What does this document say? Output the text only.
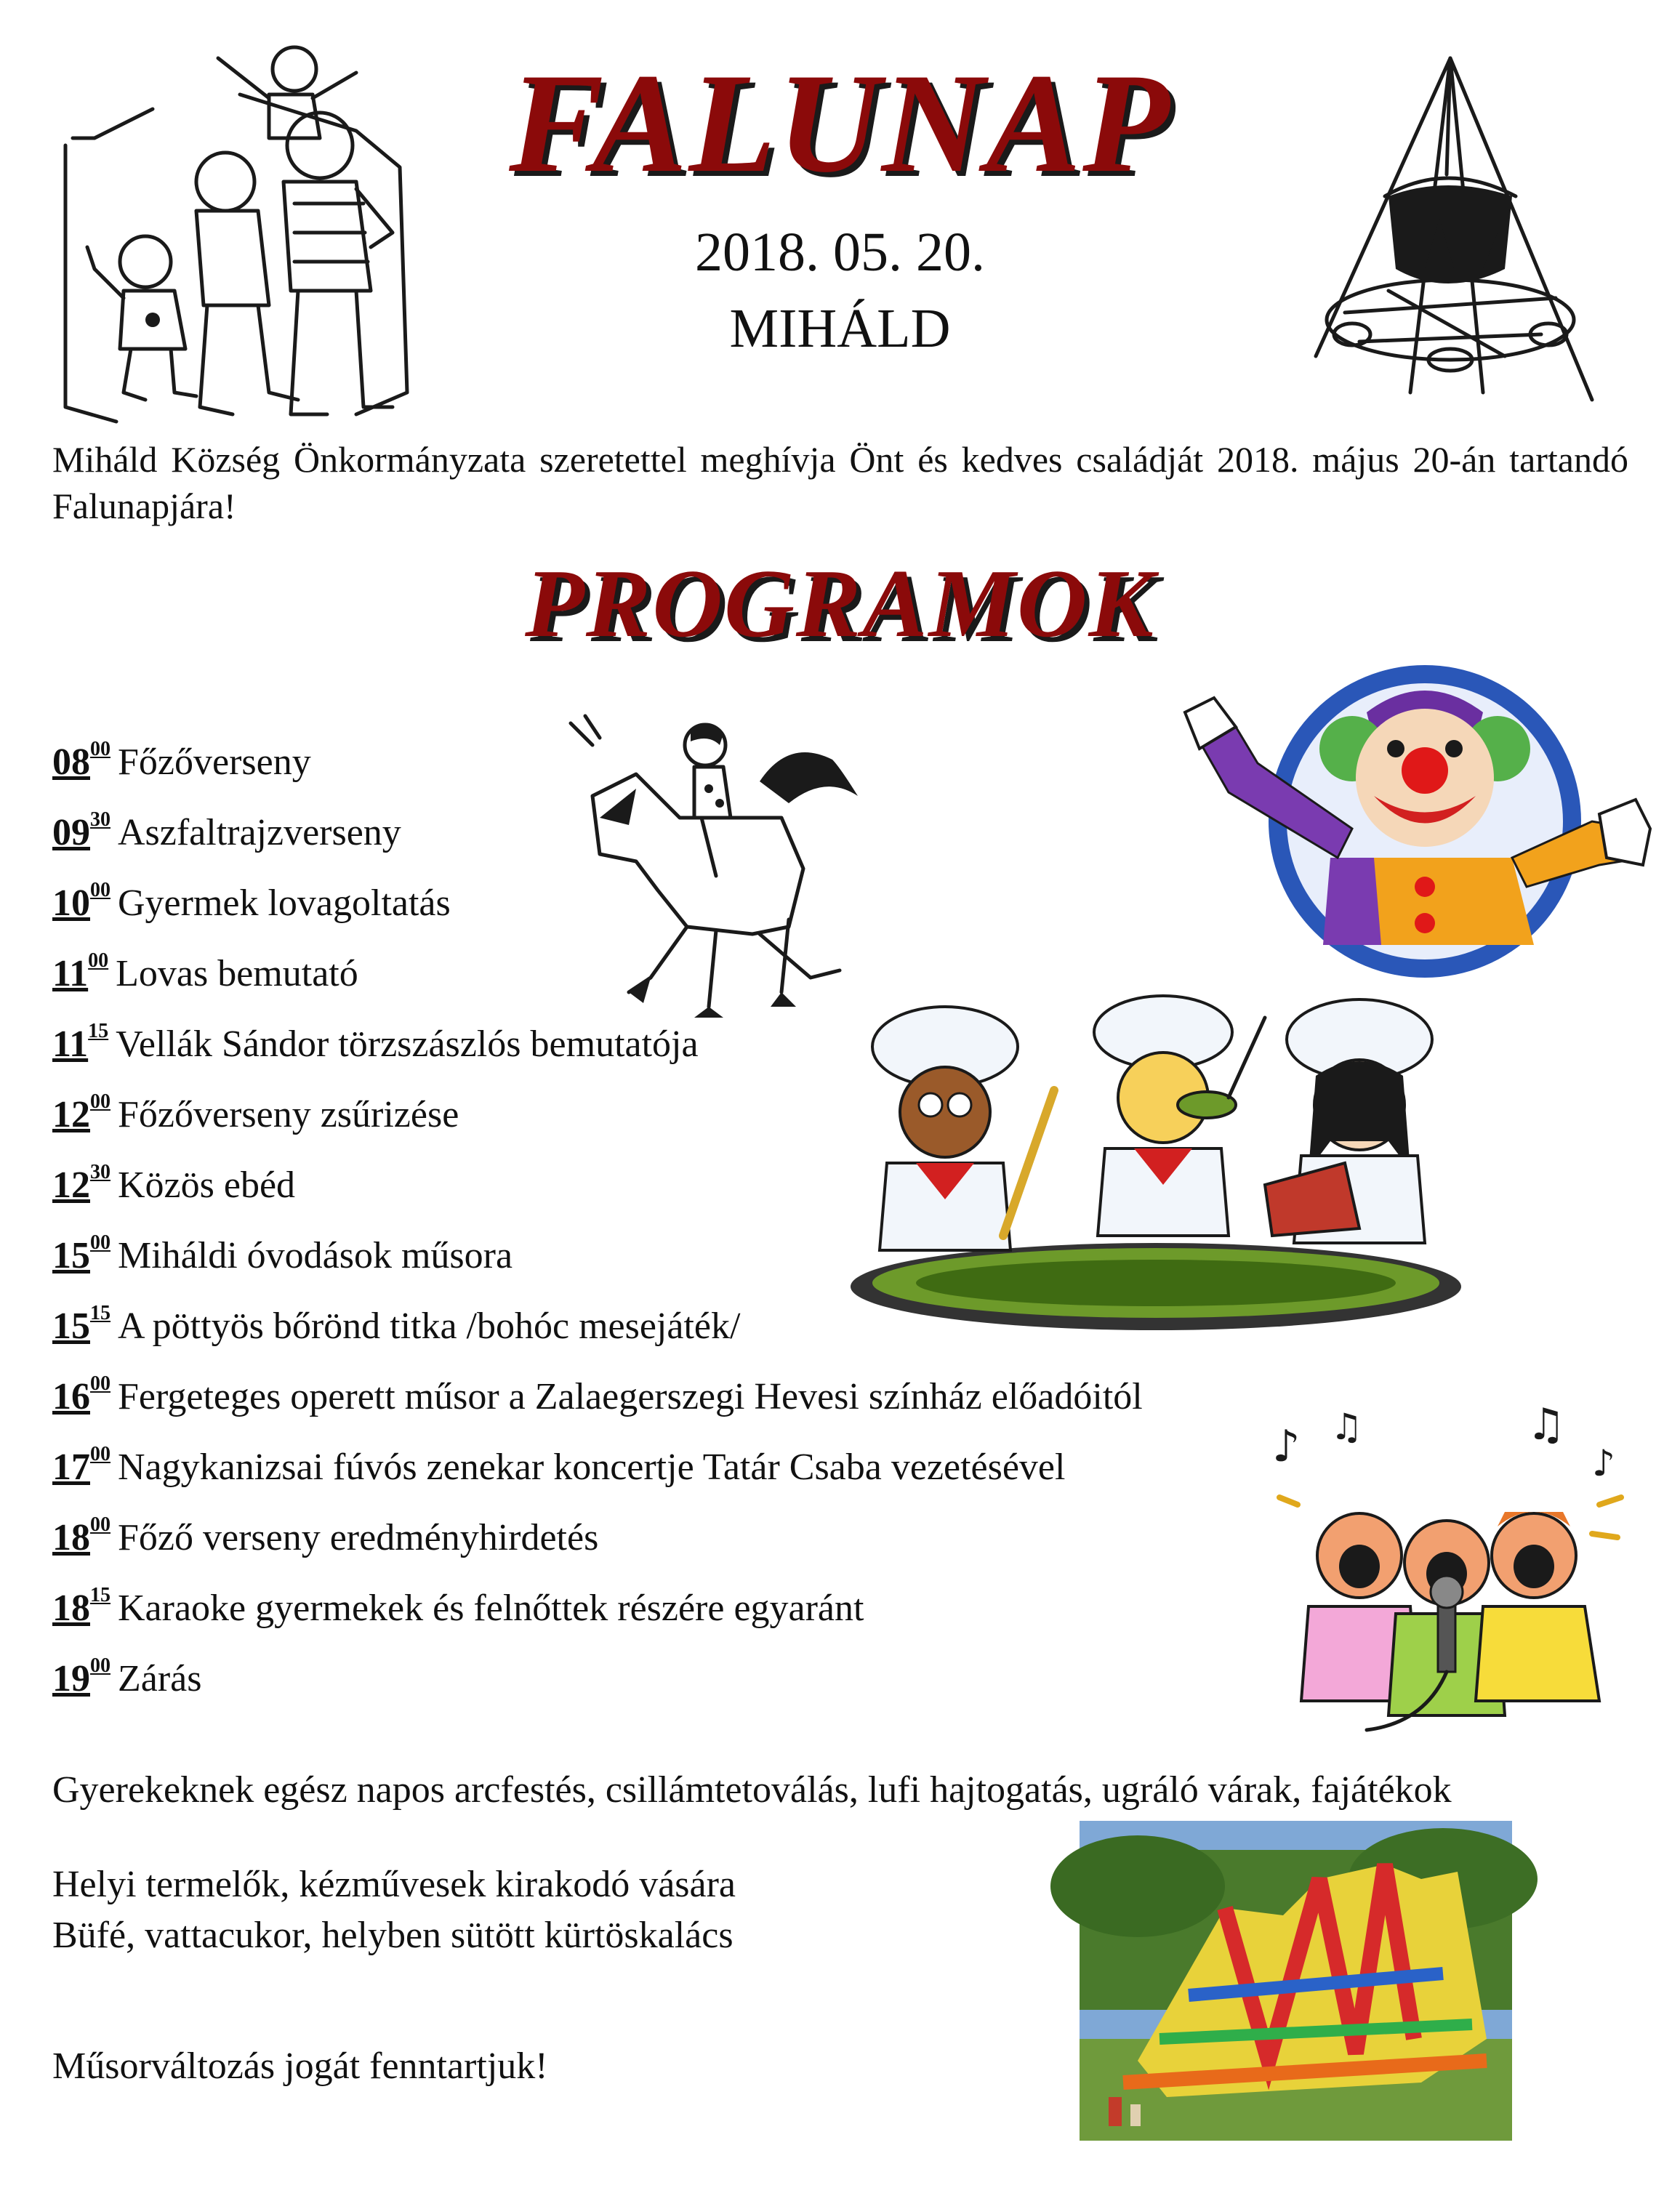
FALUNAP
2018. 05. 20.
MIHÁLD
Miháld Község Önkormányzata szeretettel meghívja Önt és kedves családját 2018. május 20-án tartandó Falunapjára!
PROGRAMOK
$08^{00}$ Főzőverseny
$09^{30}$ Aszfaltrajzverseny
$10^{00}$ Gyermek lovagoltatás
$11^{00}$ Lovas bemutató
$11^{15}$ Vellák Sándor törzszászlós bemutatója
$12^{00}$ Főzőverseny zsűrizése
$12^{30}$ Közös ebéd
$15^{00}$ Miháldi óvodások műsora
$15^{15}$ A pöttyös bőrönd titka /bohóc mesejáték/
$16^{00}$ Fergeteges operett műsor a Zalaegerszegi Hevesi színház előadóitól
$17^{00}$ Nagykanizsai fúvós zenekar koncertje Tatár Csaba vezetésével
$18^{00}$ Főző verseny eredményhirdetés
$18^{15}$ Karaoke gyermekek és felnőttek részére egyaránt
$19^{00}$ Zárás
♪ ♫	♫
♪
Gyerekeknek egész napos arcfestés, csillámtetoválás, lufi hajtogatás, ugráló várak, fajátékok
Helyi termelők, kézművesek kirakodó vására
Büfé, vattacukor, helyben sütött kürtöskalács
Műsorváltozás jogát fenntartjuk!
